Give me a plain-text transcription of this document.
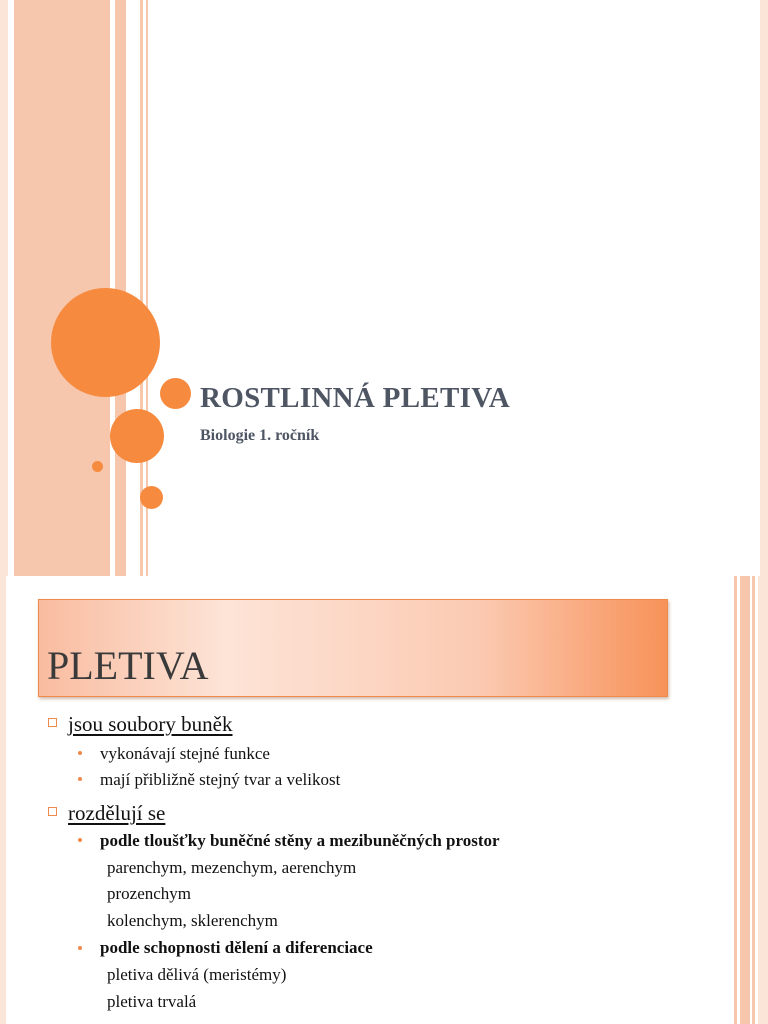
ROSTLINNÁ PLETIVA
Biologie 1. ročník
PLETIVA
jsou soubory buněk
vykonávají stejné funkce
mají přibližně stejný tvar a velikost
rozdělují se
podle tloušťky buněčné stěny a mezibuněčných prostor
parenchym, mezenchym, aerenchym
prozenchym
kolenchym, sklerenchym
podle schopnosti dělení a diferenciace
pletiva dělivá (meristémy)
pletiva trvalá
